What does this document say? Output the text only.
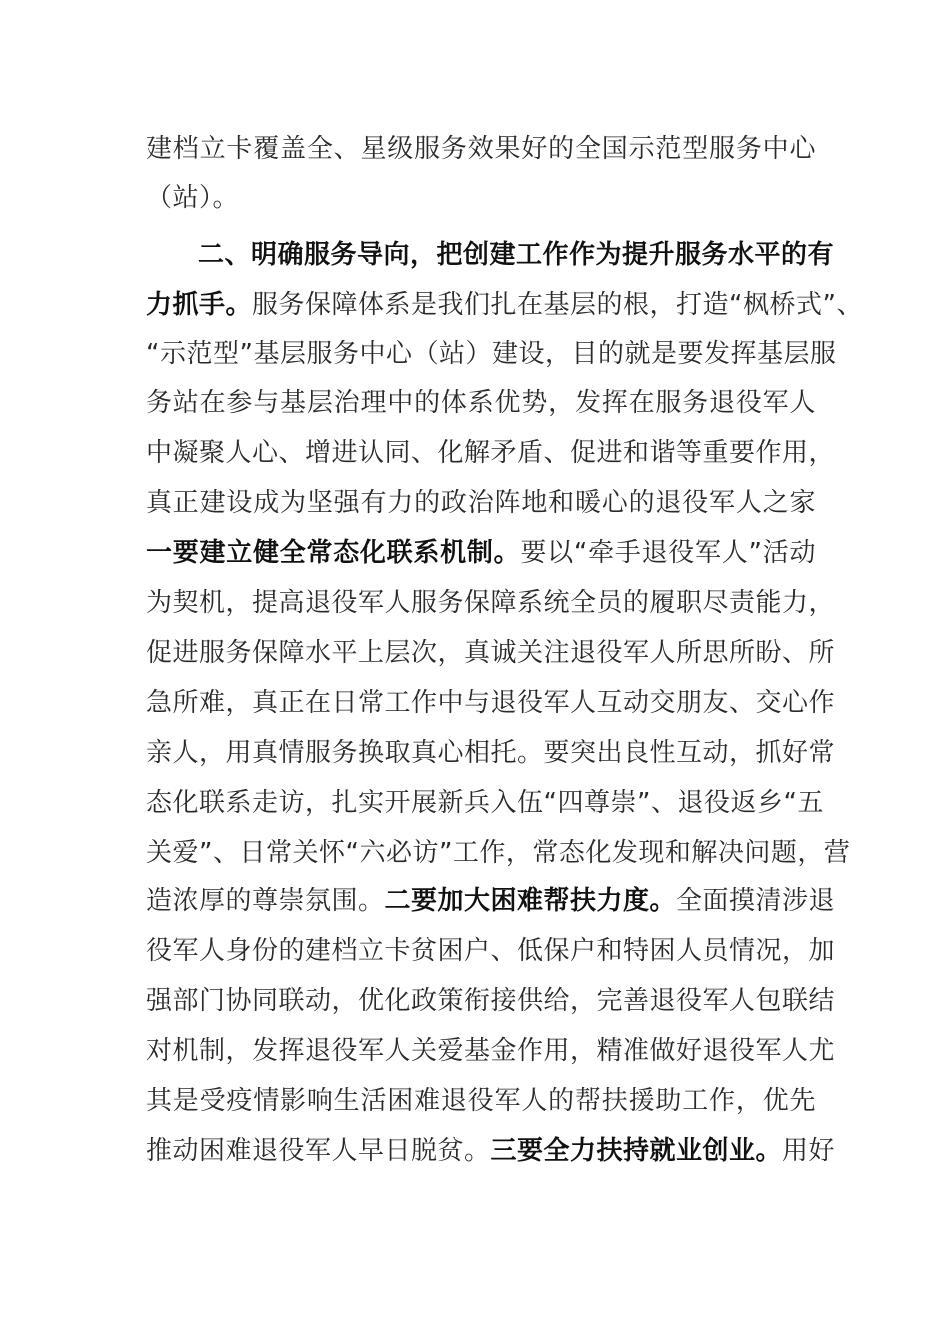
建档立卡覆盖全、星级服务效果好的全国示范型服务中心
（站）。
二、明确服务导向，把创建工作作为提升服务水平的有
力抓手。服务保障体系是我们扎在基层的根，打造“枫桥式”、
“示范型”基层服务中心（站）建设，目的就是要发挥基层服
务站在参与基层治理中的体系优势，发挥在服务退役军人
中凝聚人心、增进认同、化解矛盾、促进和谐等重要作用，
真正建设成为坚强有力的政治阵地和暖心的退役军人之家
一要建立健全常态化联系机制。要以“牵手退役军人”活动
为契机，提高退役军人服务保障系统全员的履职尽责能力，
促进服务保障水平上层次，真诚关注退役军人所思所盼、所
急所难，真正在日常工作中与退役军人互动交朋友、交心作
亲人，用真情服务换取真心相托。要突出良性互动，抓好常
态化联系走访，扎实开展新兵入伍“四尊崇”、退役返乡“五
关爱”、日常关怀“六必访”工作，常态化发现和解决问题，营
造浓厚的尊崇氛围。二要加大困难帮扶力度。全面摸清涉退
役军人身份的建档立卡贫困户、低保户和特困人员情况，加
强部门协同联动，优化政策衔接供给，完善退役军人包联结
对机制，发挥退役军人关爱基金作用，精准做好退役军人尤
其是受疫情影响生活困难退役军人的帮扶援助工作，优先
推动困难退役军人早日脱贫。三要全力扶持就业创业。用好
